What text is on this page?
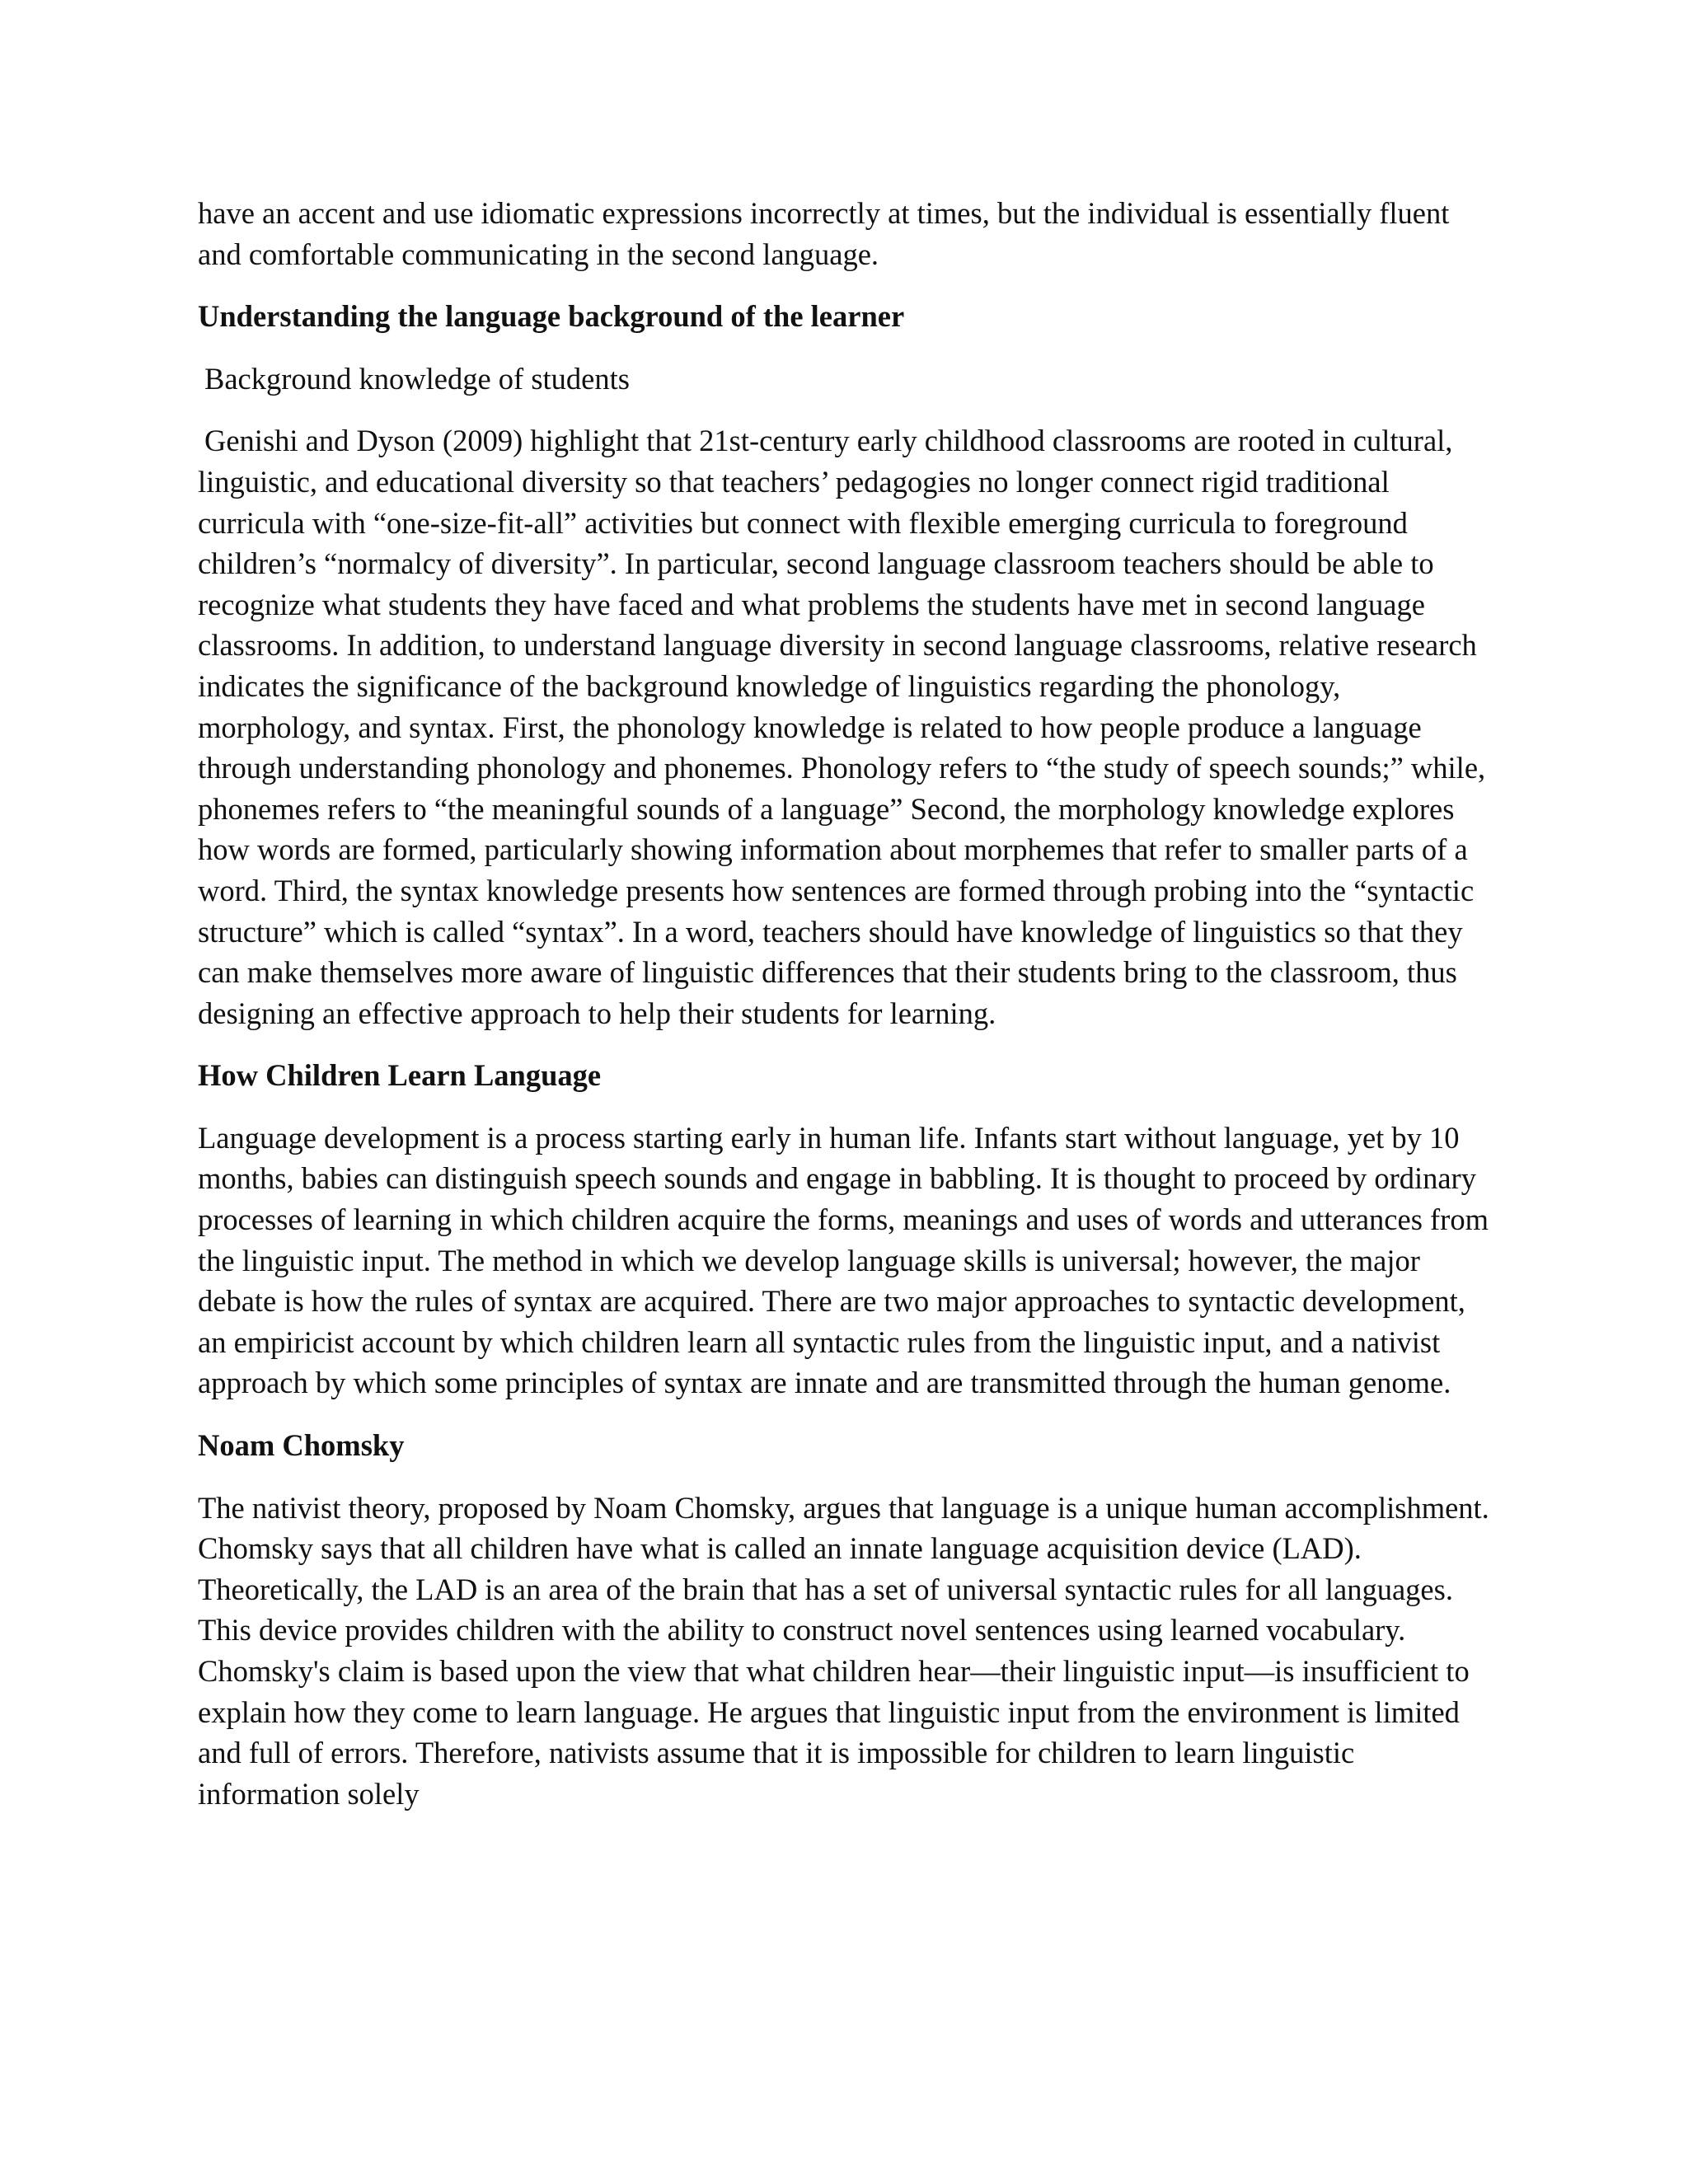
have an accent and use idiomatic expressions incorrectly at times, but the individual is essentially fluent and comfortable communicating in the second language.

Understanding the language background of the learner

Background knowledge of students

Genishi and Dyson (2009) highlight that 21st-century early childhood classrooms are rooted in cultural, linguistic, and educational diversity so that teachers’ pedagogies no longer connect rigid traditional curricula with “one-size-fit-all” activities but connect with flexible emerging curricula to foreground children’s “normalcy of diversity”. In particular, second language classroom teachers should be able to recognize what students they have faced and what problems the students have met in second language classrooms. In addition, to understand language diversity in second language classrooms, relative research indicates the significance of the background knowledge of linguistics regarding the phonology, morphology, and syntax. First, the phonology knowledge is related to how people produce a language through understanding phonology and phonemes. Phonology refers to “the study of speech sounds;” while, phonemes refers to “the meaningful sounds of a language” Second, the morphology knowledge explores how words are formed, particularly showing information about morphemes that refer to smaller parts of a word. Third, the syntax knowledge presents how sentences are formed through probing into the “syntactic structure” which is called “syntax”. In a word, teachers should have knowledge of linguistics so that they can make themselves more aware of linguistic differences that their students bring to the classroom, thus designing an effective approach to help their students for learning.

How Children Learn Language

Language development is a process starting early in human life. Infants start without language, yet by 10 months, babies can distinguish speech sounds and engage in babbling. It is thought to proceed by ordinary processes of learning in which children acquire the forms, meanings and uses of words and utterances from the linguistic input. The method in which we develop language skills is universal; however, the major debate is how the rules of syntax are acquired. There are two major approaches to syntactic development, an empiricist account by which children learn all syntactic rules from the linguistic input, and a nativist approach by which some principles of syntax are innate and are transmitted through the human genome.

Noam Chomsky

The nativist theory, proposed by Noam Chomsky, argues that language is a unique human accomplishment. Chomsky says that all children have what is called an innate language acquisition device (LAD). Theoretically, the LAD is an area of the brain that has a set of universal syntactic rules for all languages. This device provides children with the ability to construct novel sentences using learned vocabulary. Chomsky's claim is based upon the view that what children hear—their linguistic input—is insufficient to explain how they come to learn language. He argues that linguistic input from the environment is limited and full of errors. Therefore, nativists assume that it is impossible for children to learn linguistic information solely
